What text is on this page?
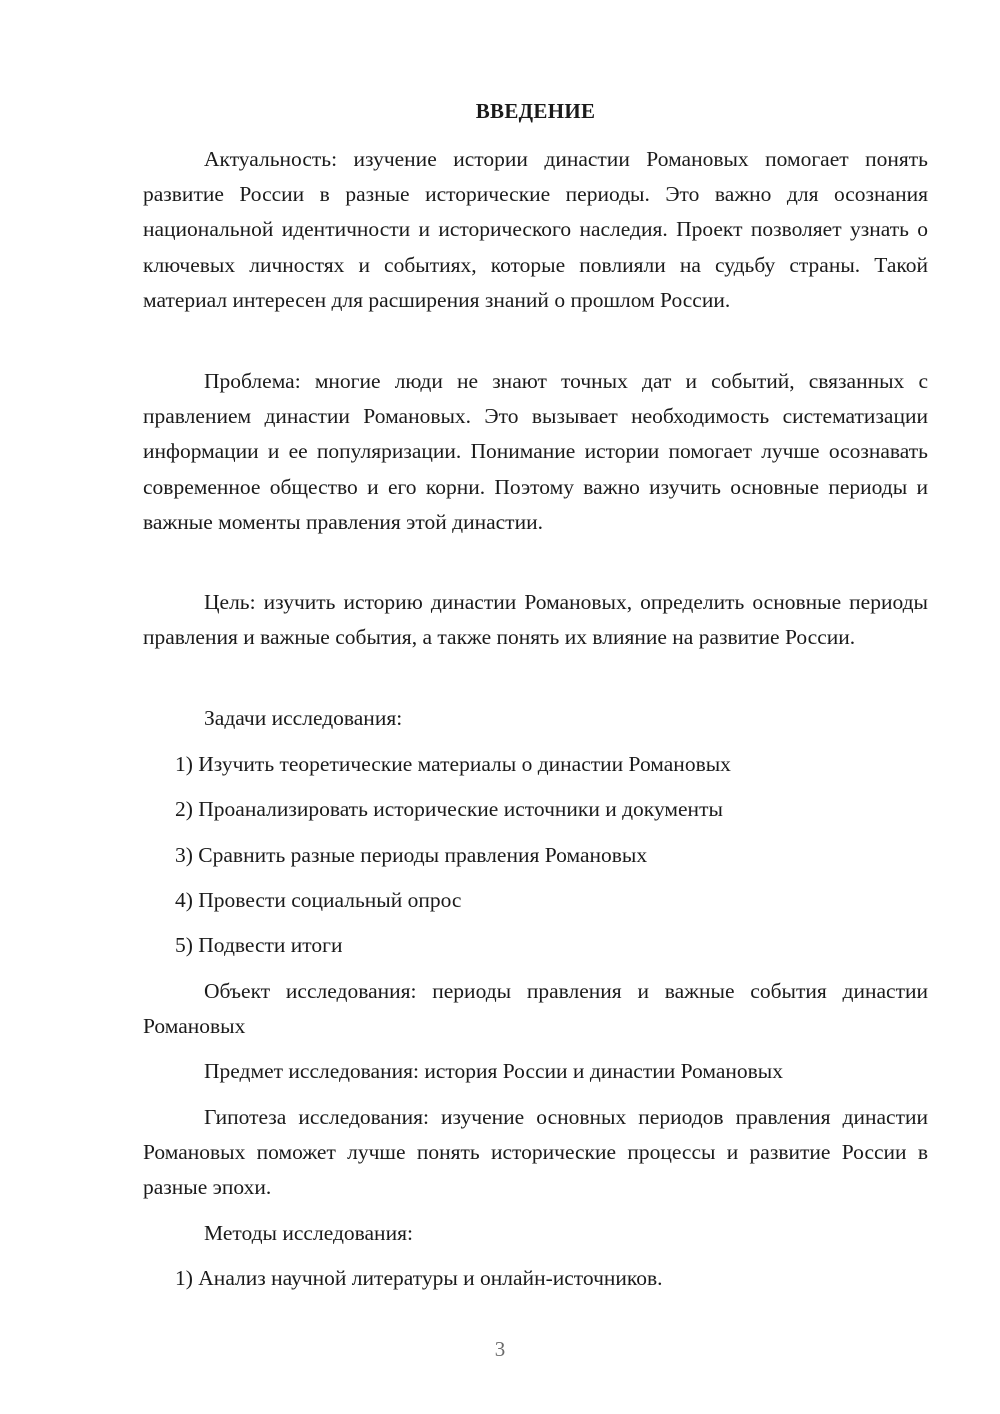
ВВЕДЕНИЕ

Актуальность: изучение истории династии Романовых помогает понять развитие России в разные исторические периоды. Это важно для осознания национальной идентичности и исторического наследия. Проект позволяет узнать о ключевых личностях и событиях, которые повлияли на судьбу страны. Такой материал интересен для расширения знаний о прошлом России.

Проблема: многие люди не знают точных дат и событий, связанных с правлением династии Романовых. Это вызывает необходимость систематизации информации и ее популяризации. Понимание истории помогает лучше осознавать современное общество и его корни. Поэтому важно изучить основные периоды и важные моменты правления этой династии.

Цель: изучить историю династии Романовых, определить основные периоды правления и важные события, а также понять их влияние на развитие России.

Задачи исследования:

1) Изучить теоретические материалы о династии Романовых

2) Проанализировать исторические источники и документы

3) Сравнить разные периоды правления Романовых

4) Провести социальный опрос

5) Подвести итоги

Объект исследования: периоды правления и важные события династии Романовых

Предмет исследования: история России и династии Романовых

Гипотеза исследования: изучение основных периодов правления династии Романовых поможет лучше понять исторические процессы и развитие России в разные эпохи.

Методы исследования:

1) Анализ научной литературы и онлайн-источников.

3
